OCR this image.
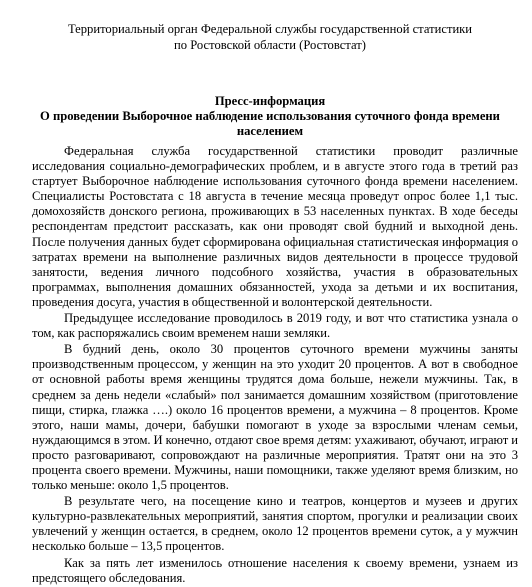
Территориальный орган Федеральной службы государственной статистики
по Ростовской области (Ростовстат)
Пресс-информация
О проведении Выборочное наблюдение использования суточного фонда времени населением

Федеральная служба государственной статистики проводит различные исследования социально-демографических проблем, и в августе этого года в третий раз стартует Выборочное наблюдение использования суточного фонда времени населением. Специалисты Ростовстата с 18 августа в течение месяца проведут опрос более 1,1 тыс. домохозяйств донского региона, проживающих в 53 населенных пунктах. В ходе беседы респондентам предстоит рассказать, как они проводят свой будний и выходной день. После получения данных будет сформирована официальная статистическая информация о затратах времени на выполнение различных видов деятельности в процессе трудовой занятости, ведения личного подсобного хозяйства, участия в образовательных программах, выполнения домашних обязанностей, ухода за детьми и их воспитания, проведения досуга, участия в общественной и волонтерской деятельности.

Предыдущее исследование проводилось в 2019 году, и вот что статистика узнала о том, как распоряжались своим временем наши земляки.

В будний день, около 30 процентов суточного времени мужчины заняты производственным процессом, у женщин на это уходит 20 процентов. А вот в свободное от основной работы время женщины трудятся дома больше, нежели мужчины. Так, в среднем за день недели «слабый» пол занимается домашним хозяйством (приготовление пищи, стирка, глажка ….) около 16 процентов времени, а мужчина – 8 процентов. Кроме этого, наши мамы, дочери, бабушки помогают в уходе за взрослыми членам семьи, нуждающимся в этом. И конечно, отдают свое время детям: ухаживают, обучают, играют и просто разговаривают, сопровождают на различные мероприятия. Тратят они на это 3 процента своего времени. Мужчины, наши помощники, также уделяют время близким, но только меньше: около 1,5 процентов.

В результате чего, на посещение кино и театров, концертов и музеев и других культурно-развлекательных мероприятий, занятия спортом, прогулки и реализации своих увлечений у женщин остается, в среднем, около 12 процентов времени суток, а у мужчин несколько больше – 13,5 процентов.

Как за пять лет изменилось отношение населения к своему времени, узнаем из предстоящего обследования.
